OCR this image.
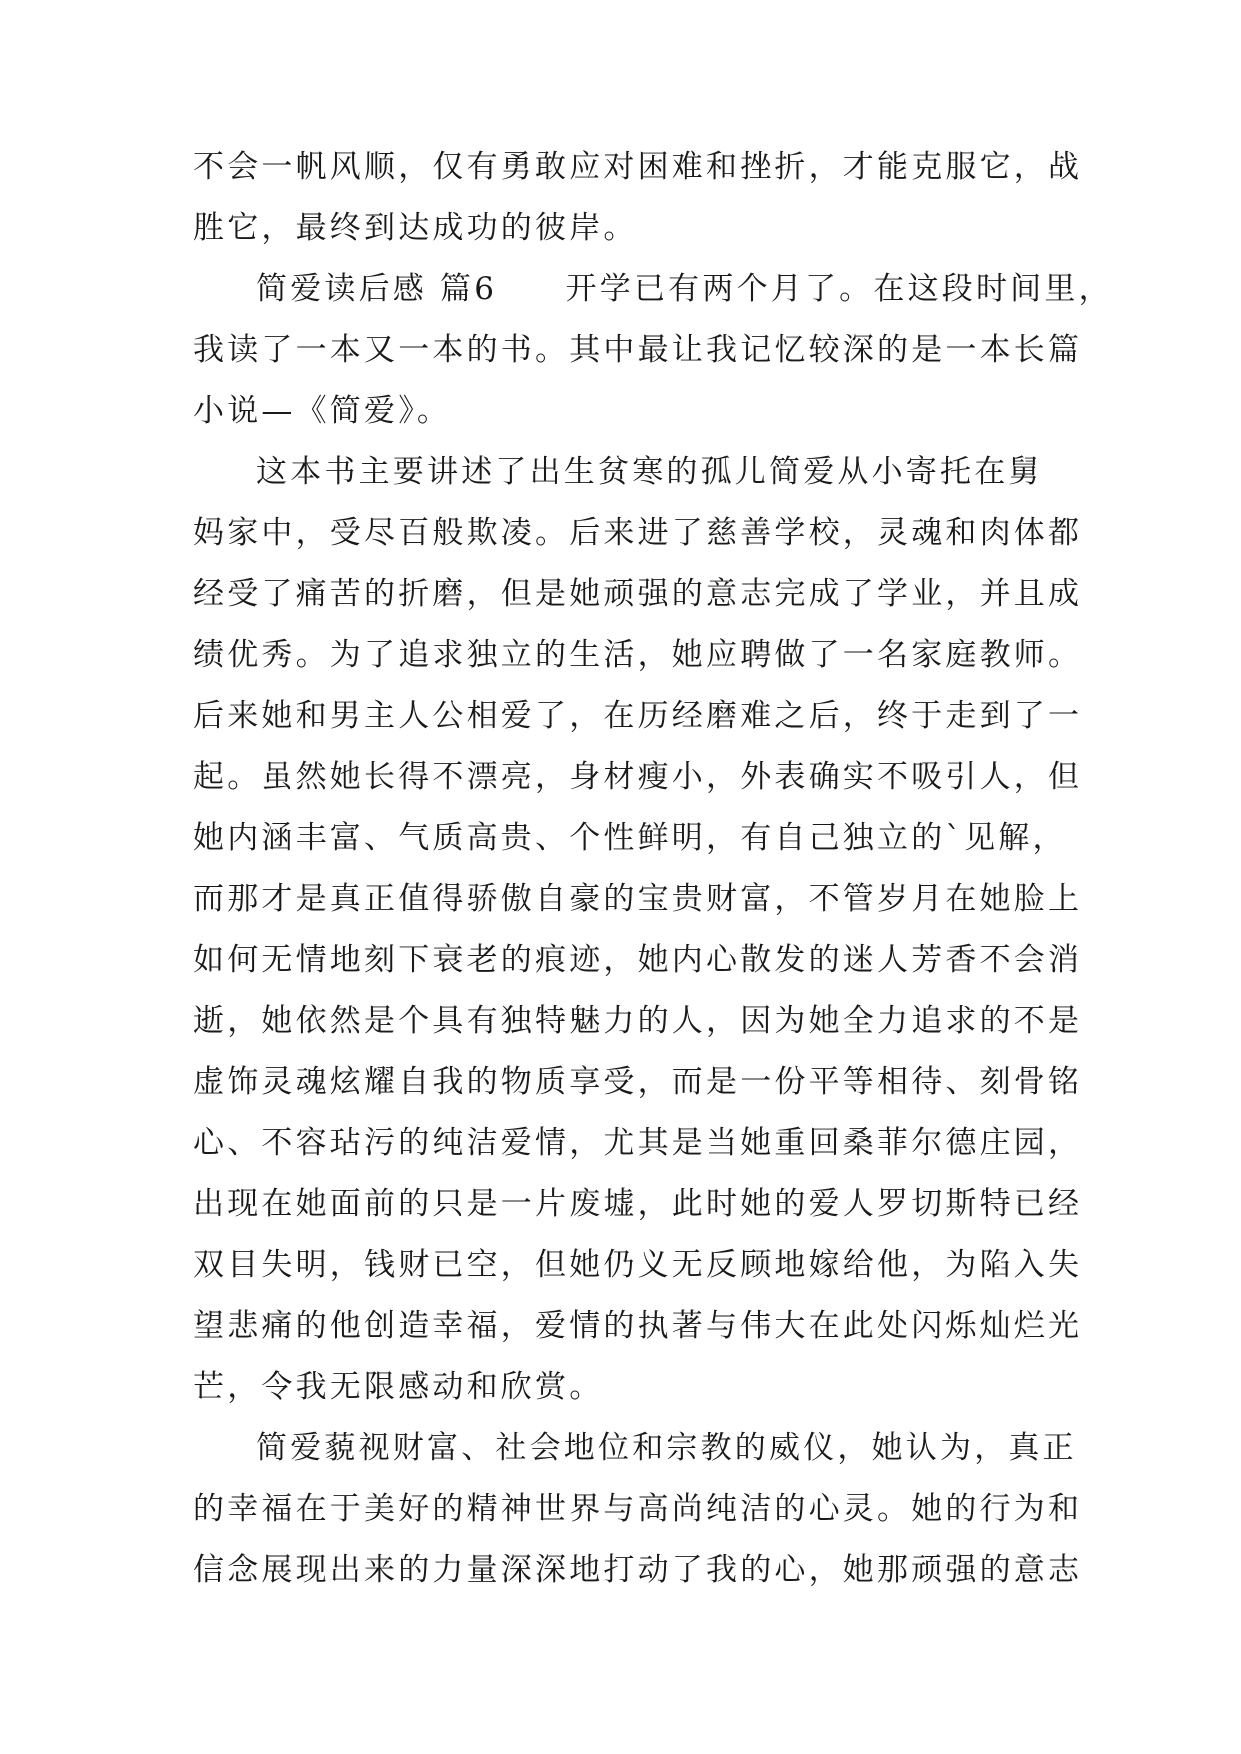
不会一帆风顺，仅有勇敢应对困难和挫折，才能克服它，战
胜它，最终到达成功的彼岸。
简爱读后感 篇6　　开学已有两个月了。在这段时间里，
我读了一本又一本的书。其中最让我记忆较深的是一本长篇
小说—《简爱》。
这本书主要讲述了出生贫寒的孤儿简爱从小寄托在舅
妈家中，受尽百般欺凌。后来进了慈善学校，灵魂和肉体都
经受了痛苦的折磨，但是她顽强的意志完成了学业，并且成
绩优秀。为了追求独立的生活，她应聘做了一名家庭教师。
后来她和男主人公相爱了，在历经磨难之后，终于走到了一
起。虽然她长得不漂亮，身材瘦小，外表确实不吸引人，但
她内涵丰富、气质高贵、个性鲜明，有自己独立的`见解，
而那才是真正值得骄傲自豪的宝贵财富，不管岁月在她脸上
如何无情地刻下衰老的痕迹，她内心散发的迷人芳香不会消
逝，她依然是个具有独特魅力的人，因为她全力追求的不是
虚饰灵魂炫耀自我的物质享受，而是一份平等相待、刻骨铭
心、不容玷污的纯洁爱情，尤其是当她重回桑菲尔德庄园，
出现在她面前的只是一片废墟，此时她的爱人罗切斯特已经
双目失明，钱财已空，但她仍义无反顾地嫁给他，为陷入失
望悲痛的他创造幸福，爱情的执著与伟大在此处闪烁灿烂光
芒，令我无限感动和欣赏。
简爱藐视财富、社会地位和宗教的威仪，她认为，真正
的幸福在于美好的精神世界与高尚纯洁的心灵。她的行为和
信念展现出来的力量深深地打动了我的心，她那顽强的意志
